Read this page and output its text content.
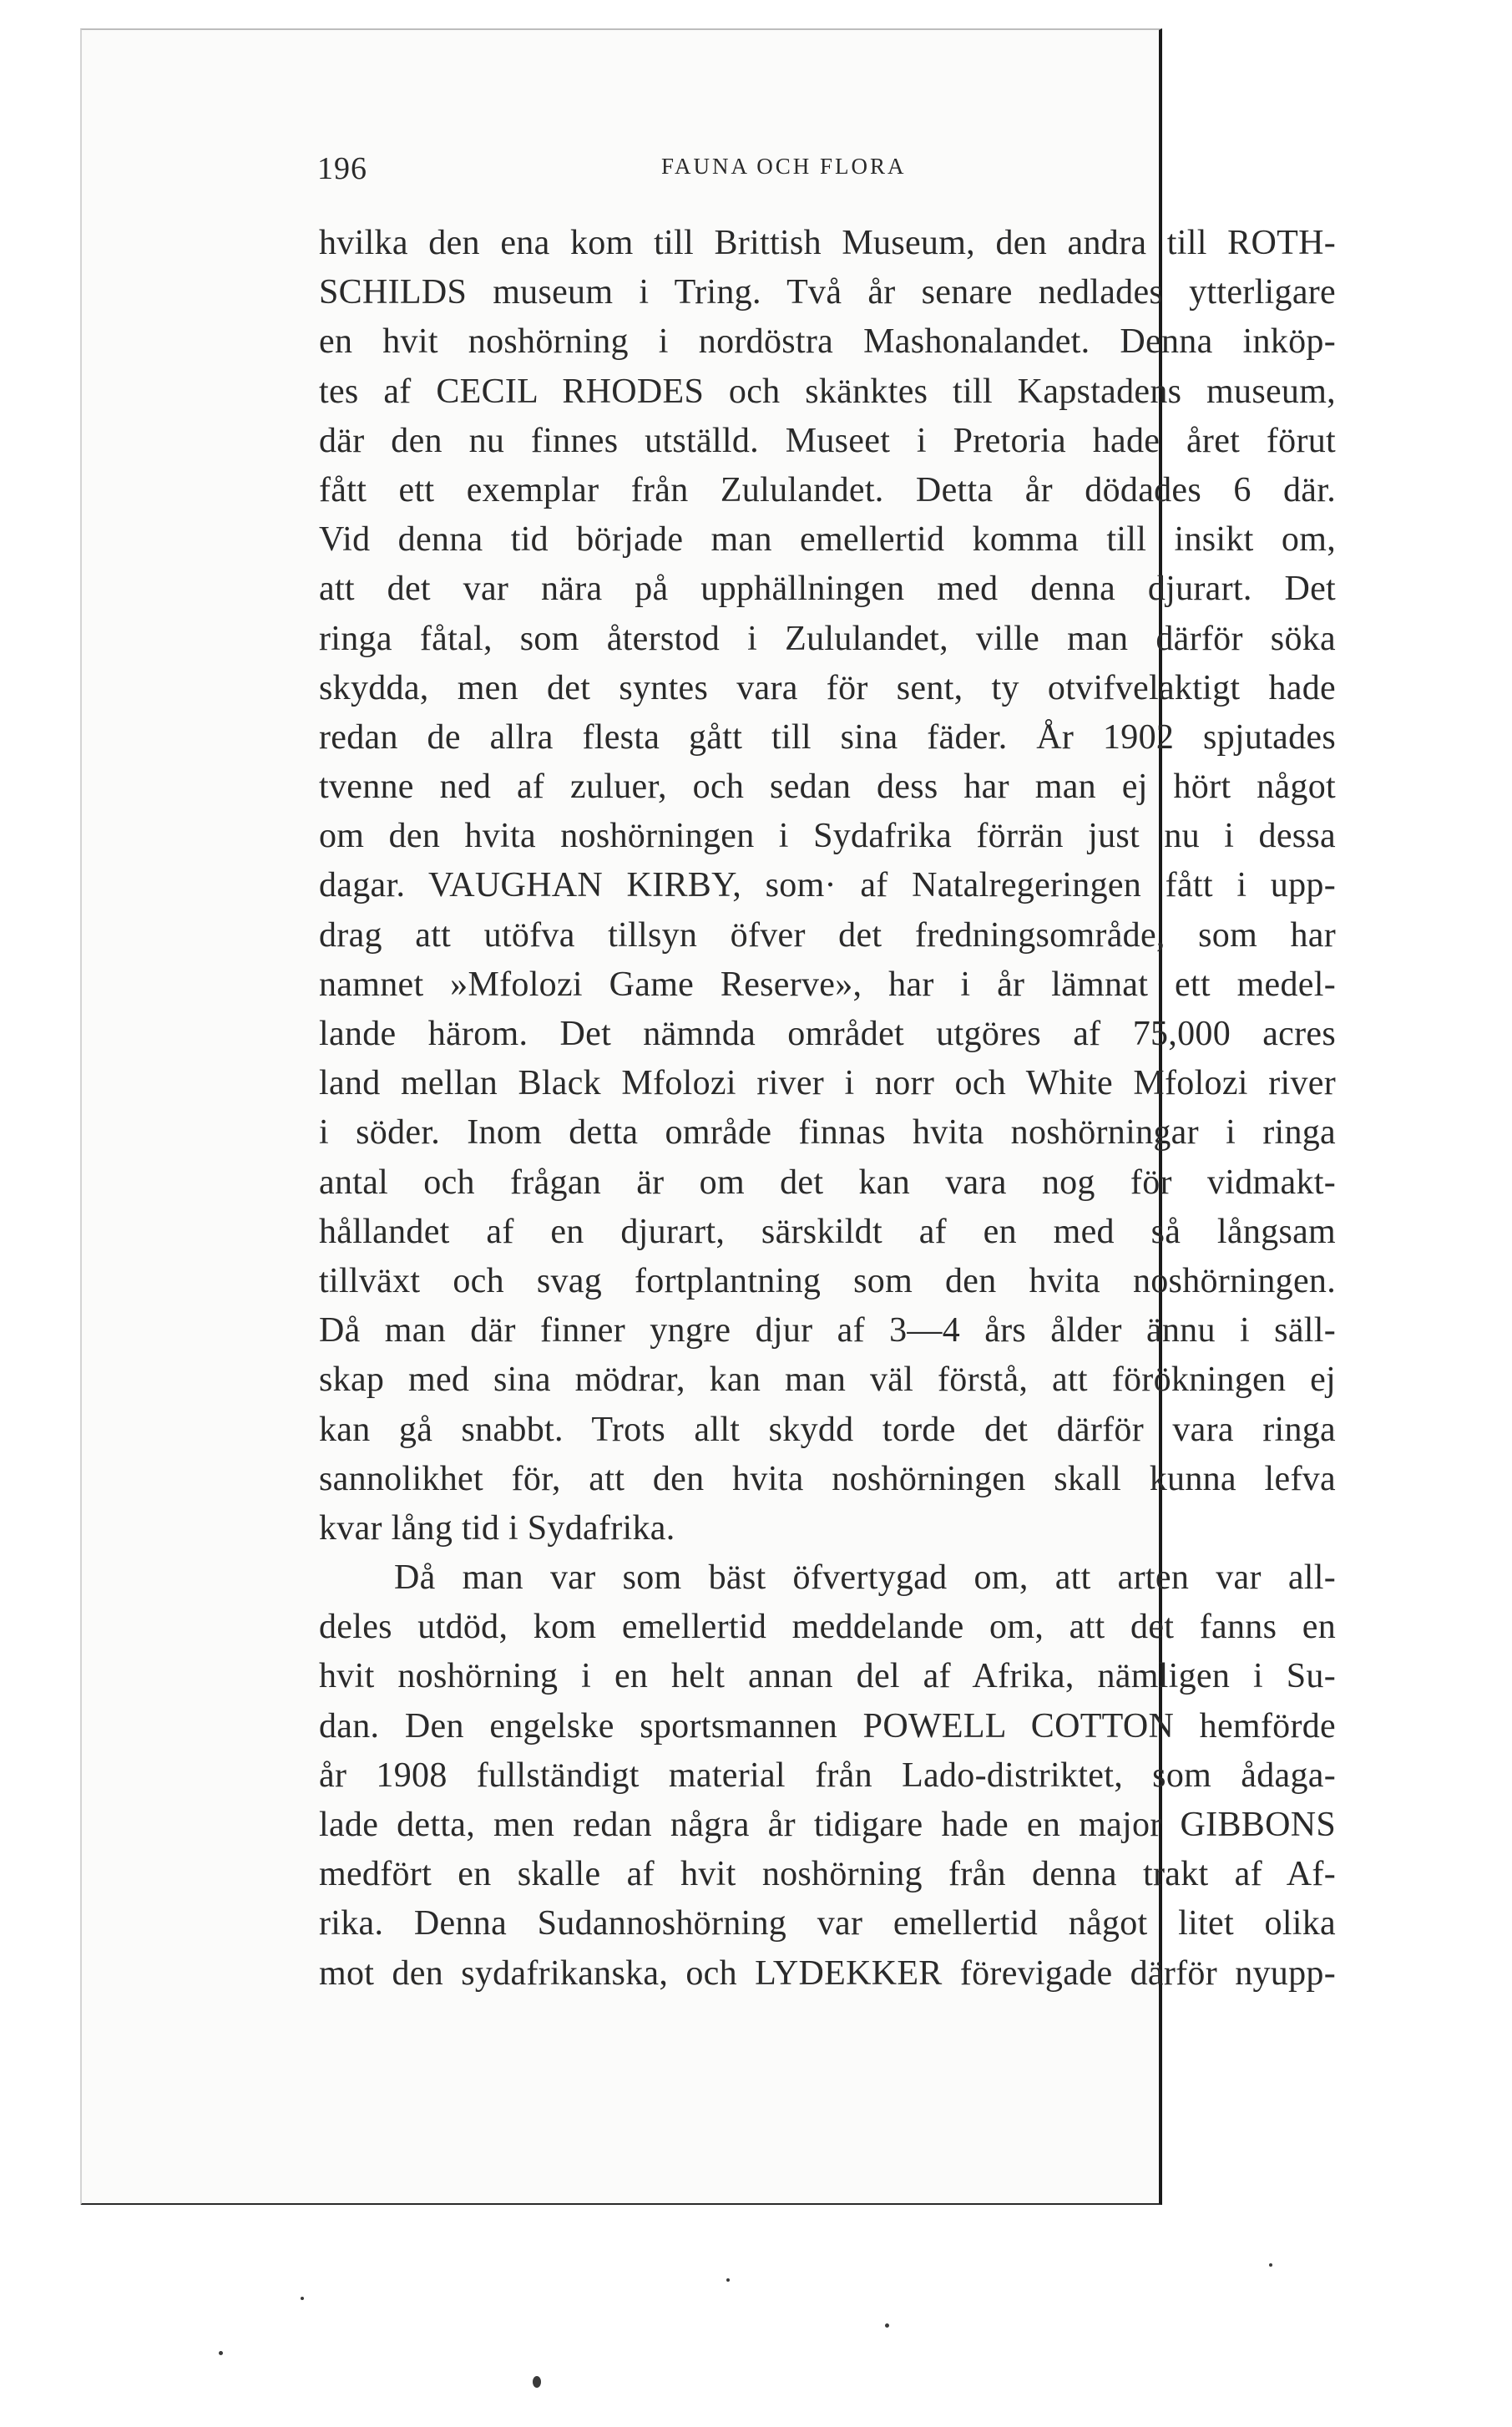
196	FAUNA OCH FLORA
hvilka den ena kom till Brittish Museum, den andra till ROTH-
SCHILDS museum i Tring. Två år senare nedlades ytterligare
en hvit noshörning i nordöstra Mashonalandet. Denna inköp-
tes af CECIL RHODES och skänktes till Kapstadens museum,
där den nu finnes utställd. Museet i Pretoria hade året förut
fått ett exemplar från Zululandet. Detta år dödades 6 där.
Vid denna tid började man emellertid komma till insikt om,
att det var nära på upphällningen med denna djurart. Det
ringa fåtal, som återstod i Zululandet, ville man därför söka
skydda, men det syntes vara för sent, ty otvifvelaktigt hade
redan de allra flesta gått till sina fäder. År 1902 spjutades
tvenne ned af zuluer, och sedan dess har man ej hört något
om den hvita noshörningen i Sydafrika förrän just nu i dessa
dagar. VAUGHAN KIRBY, som· af Natalregeringen fått i upp-
drag att utöfva tillsyn öfver det fredningsområde, som har
namnet »Mfolozi Game Reserve», har i år lämnat ett medel-
lande härom. Det nämnda området utgöres af 75,000 acres
land mellan Black Mfolozi river i norr och White Mfolozi river
i söder. Inom detta område finnas hvita noshörningar i ringa
antal och frågan är om det kan vara nog för vidmakt-
hållandet af en djurart, särskildt af en med så långsam
tillväxt och svag fortplantning som den hvita noshörningen.
Då man där finner yngre djur af 3—4 års ålder ännu i säll-
skap med sina mödrar, kan man väl förstå, att förökningen ej
kan gå snabbt. Trots allt skydd torde det därför vara ringa
sannolikhet för, att den hvita noshörningen skall kunna lefva
kvar lång tid i Sydafrika.
Då man var som bäst öfvertygad om, att arten var all-
deles utdöd, kom emellertid meddelande om, att det fanns en
hvit noshörning i en helt annan del af Afrika, nämligen i Su-
dan. Den engelske sportsmannen POWELL COTTON hemförde
år 1908 fullständigt material från Lado-distriktet, som ådaga-
lade detta, men redan några år tidigare hade en major GIBBONS
medfört en skalle af hvit noshörning från denna trakt af Af-
rika. Denna Sudannoshörning var emellertid något litet olika
mot den sydafrikanska, och LYDEKKER förevigade därför nyupp-
